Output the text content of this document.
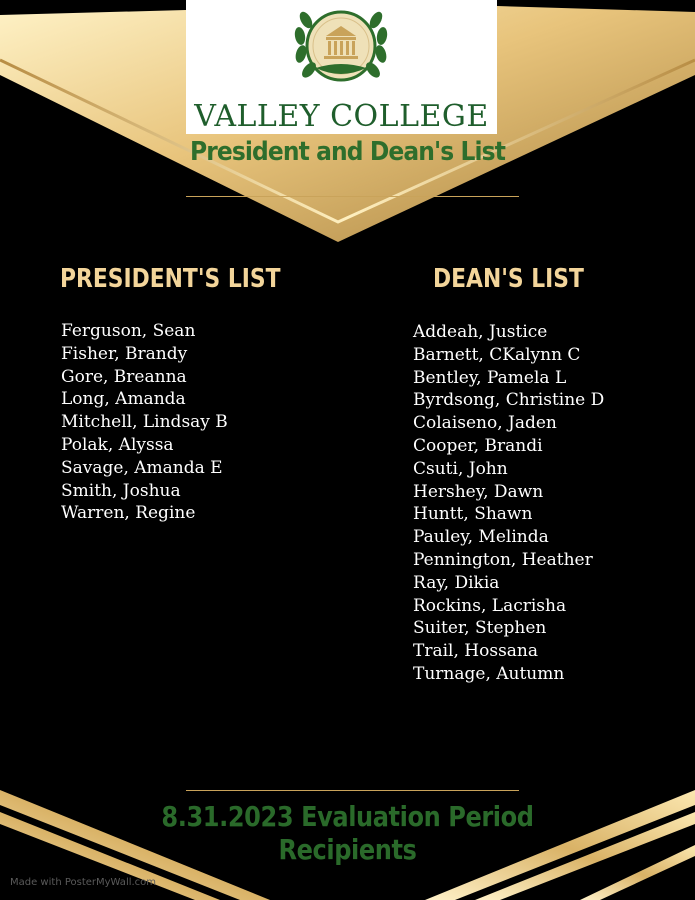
VALLEY COLLEGE
President and Dean's List
PRESIDENT'S LIST
Ferguson, Sean
Fisher, Brandy
Gore, Breanna
Long, Amanda
Mitchell, Lindsay B
Polak, Alyssa
Savage, Amanda E
Smith, Joshua
Warren, Regine
DEAN'S LIST
Addeah, Justice
Barnett, CKalynn C
Bentley, Pamela L
Byrdsong, Christine D
Colaiseno, Jaden
Cooper, Brandi
Csuti, John
Hershey, Dawn
Huntt, Shawn
Pauley, Melinda
Pennington, Heather
Ray, Dikia
Rockins, Lacrisha
Suiter, Stephen
Trail, Hossana
Turnage, Autumn
8.31.2023 Evaluation Period Recipients
Made with PosterMyWall.com
